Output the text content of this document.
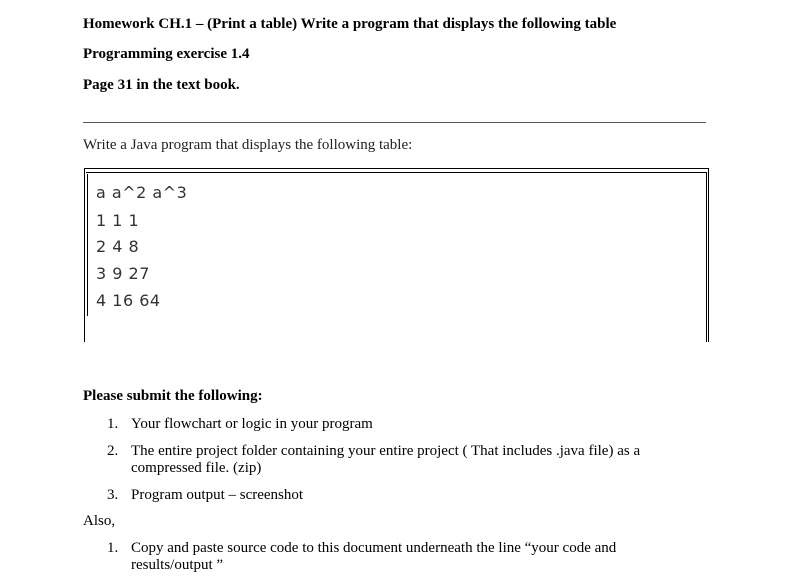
Homework CH.1 – (Print a table) Write a program that displays the following table
Programming exercise 1.4
Page 31 in the text book.
Write a Java program that displays the following table:
a a^2 a^3
1 1 1
2 4 8
3 9 27
4 16 64
Please submit the following:
1. Your flowchart or logic in your program
2. The entire project folder containing your entire project ( That includes .java file) as a
compressed file. (zip)
3. Program output – screenshot
Also,
1. Copy and paste source code to this document underneath the line “your code and
results/output ”
